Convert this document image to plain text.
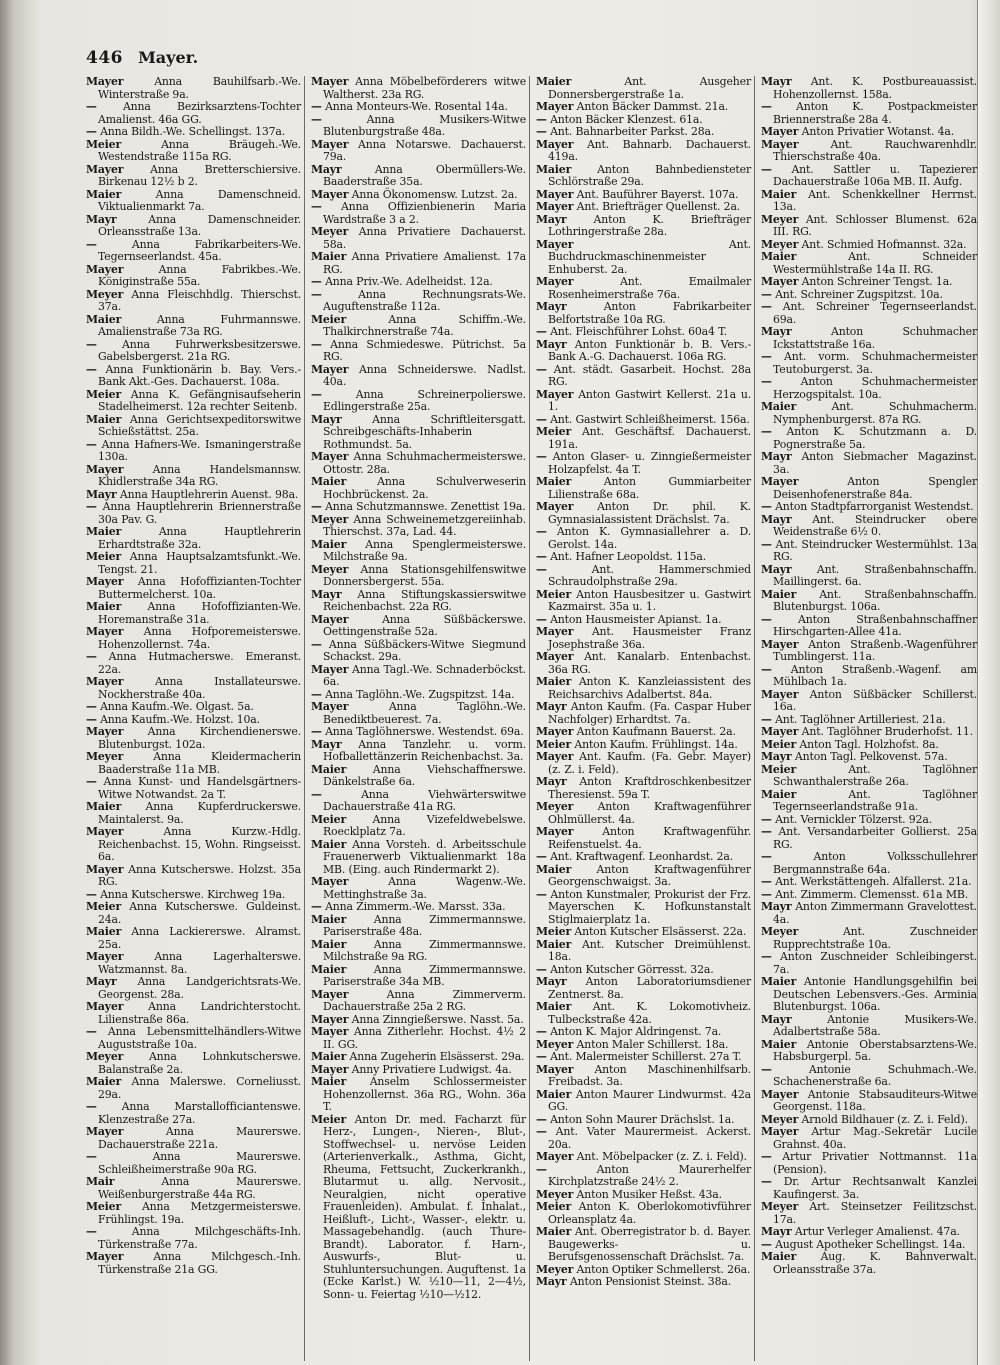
446 Mayer.

Mayer	Anna Bauhilfsarb.-We. Winterstraße 9a.

— Anna Bezirksarztens-Tochter Amalienst. 46a GG.

— Anna Bildh.-We. Schellingst. 137a.

Meier	Anna Bräugeh.-We. Westendstraße 115a RG.

Mayer Anna Bretterschiersive. Birkenau 12½ b 2.

Maier	Anna Damenschneid. Viktualienmarkt 7a.

Mayr	Anna Damenschneider. Orleansstraße 13a.

—	Anna Fabrikarbeiters-We. Tegernseerlandst. 45a.

Mayer	Anna Fabrikbes.-We. Königinstraße 55a.

Meyer Anna Fleischhdlg. Thierschst. 37a.

Maier	Anna Fuhrmannswe. Amalienstraße 73a RG.

— Anna Fuhrwerksbesitzerswe. Gabelsbergerst. 21a RG.

— Anna Funktionärin b. Bay. Vers.-Bank Akt.-Ges. Dachauerst. 108a.

Meier Anna K. Gefängnisaufseherin Stadelheimerst. 12a rechter Seitenb.

Maier Anna Gerichtsexpeditorswitwe Schießstättst. 25a.

— Anna Hafners-We. Ismaningerstraße 130a.

Mayer	Anna Handelsmannsw. Khidlerstraße 34a RG.

Mayr Anna Hauptlehrerin Auenst. 98a.

— Anna Hauptlehrerin Briennerstraße 30a Pav. G.

Maier	Anna Hauptlehrerin Erhardtstraße 32a.

Meier Anna Hauptsalzamtsfunkt.-We. Tengst. 21.

Mayer Anna Hofoffizianten-Tochter Buttermelcherst. 10a.

Maier Anna Hofoffizianten-We. Horemanstraße 31a.

Mayer Anna Hofporemeisterswe. Hohenzollernst. 74a.

— Anna Hutmacherswe. Emeranst. 22a.

Mayer	Anna Installateurswe. Nockherstraße 40a.

— Anna Kaufm.-We. Olgast. 5a.

— Anna Kaufm.-We. Holzst. 10a.

Mayer Anna Kirchendienerswe. Blutenburgst. 102a.

Meyer	Anna Kleidermacherin Baaderstraße 11a MB.

— Anna Kunst- und Handelsgärtners-Witwe Notwandst. 2a T.

Maier Anna Kupferdruckerswe. Maintalerst. 9a.

Mayer	Anna Kurzw.-Hdlg. Reichenbachst. 15, Wohn. Ringseisst. 6a.

Mayer Anna Kutscherswe. Holzst. 35a RG.

— Anna Kutscherswe. Kirchweg 19a.

Meier Anna Kutscherswe. Guldeinst. 24a.

Maier Anna Lackiererswe. Alramst. 25a.

Mayer	Anna Lagerhalterswe. Watzmannst. 8a.

Mayr Anna Landgerichtsrats-We. Georgenst. 28a.

Mayer Anna Landrichterstocht. Lilienstraße 86a.

— Anna Lebensmittelhändlers-Witwe Auguststraße 10a.

Meyer Anna Lohnkutscherswe. Balanstraße 2a.

Maier Anna Malerswe. Corneliusst. 29a.

— Anna Marstallofficiantenswe. Klenzestraße 27a.

Mayer	Anna Maurerswe. Dachauerstraße 221a.

—	Anna Maurerswe. Schleißheimerstraße 90a RG.

Mair	Anna Maurerswe. Weißenburgerstraße 44a RG.

Meier Anna Metzgermeisterswe. Frühlingst. 19a.

—	Anna Milchgeschäfts-Inh. Türkenstraße 77a.

Mayer	Anna Milchgesch.-Inh. Türkenstraße 21a GG.

Mayer Anna Möbelbeförderers witwe Waltherst. 23a RG.

— Anna Monteurs-We. Rosental 14a.

—	Anna Musikers-Witwe Blutenburgstraße 48a.

Mayer Anna Notarswe. Dachauerst. 79a.

Mayr	Anna Obermüllers-We. Baaderstraße 35a.

Mayer Anna Ökonomensw. Lutzst. 2a.

— Anna Offizienbienerin Maria Wardstraße 3 a 2.

Meyer Anna Privatiere Dachauerst. 58a.

Maier Anna Privatiere Amalienst. 17a RG.

— Anna Priv.-We. Adelheidst. 12a.

—	Anna Rechnungsrats-We. Auguftenstraße 112a.

Meier	Anna Schiffm.-We. Thalkirchnerstraße 74a.

— Anna Schmiedeswe. Pütrichst. 5a RG.

Mayer Anna Schneiderswe. Nadlst. 40a.

—	Anna Schreinerpolierswe. Edlingerstraße 25a.

Mayr	Anna Schriftleitersgatt. Schreibgeschäfts-Inhaberin Rothmundst. 5a.

Mayer Anna Schuhmachermeisterswe. Ottostr. 28a.

Maier	Anna Schulverweserin Hochbrückenst. 2a.

— Anna Schutzmannswe. Zenettist 19a.

Meyer Anna Schweinemetzgereiinhab. Thierschst. 37a, Lad. 44.

Maier Anna Spenglermeisterswe. Milchstraße 9a.

Meyer Anna Stationsgehilfenswitwe Donnersbergerst. 55a.

Mayr Anna Stiftungskassierswitwe Reichenbachst. 22a RG.

Mayer	Anna Süßbäckerswe. Oettingenstraße 52a.

— Anna Süßbäckers-Witwe Siegmund Schackst. 29a.

Mayer Anna Tagl.-We. Schnaderböckst. 6a.

— Anna Taglöhn.-We. Zugspitzst. 14a.

Mayer	Anna Taglöhn.-We. Benediktbeuerest. 7a.

— Anna Taglöhnerswe. Westendst. 69a.

Mayr Anna Tanzlehr. u. vorm. Hofballettänzerin Reichenbachst. 3a.

Maier Anna Viehschaffnerswe. Dänkelstraße 6a.

—	Anna Viehwärterswitwe Dachauerstraße 41a RG.

Meier Anna Vizefeldwebelswe. Roecklplatz 7a.

Maier Anna Vorsteh. d. Arbeitsschule Frauenerwerb Viktualienmarkt 18a MB. (Eing. auch Rindermarkt 2).

Mayer	Anna Wagenw.-We. Mettinghstraße 3a.

— Anna Zimmerm.-We. Marsst. 33a.

Maier	Anna Zimmermannswe. Pariserstraße 48a.

Maier	Anna Zimmermannswe. Milchstraße 9a RG.

Maier	Anna Zimmermannswe. Pariserstraße 34a MB.

Mayer	Anna Zimmerverm. Dachauerstraße 25a 2 RG.

Mayer Anna Zinngießerswe. Nasst. 5a.

Mayer Anna Zitherlehr. Hochst. 4½ 2 II. GG.

Maier Anna Zugeherin Elsässerst. 29a.

Mayer Anny Privatiere Ludwigst. 4a.

Maier Anselm Schlossermeister Hohenzollernst. 36a RG., Wohn. 36a T.

Meier Anton Dr. med. Facharzt für Herz-, Lungen-, Nieren-, Blut-, Stoffwechsel- u. nervöse Leiden (Arterienverkalk., Asthma, Gicht, Rheuma, Fettsucht, Zuckerkrankh., Blutarmut u. allg. Nervosit., Neuralgien, nicht operative Frauenleiden). Ambulat. f. Inhalat., Heißluft-, Licht-, Wasser-, elektr. u. Massagebehandlg. (auch Thure-Brandt). Laborator. f. Harn-, Auswurfs-, Blut- u. Stuhluntersuchungen. Auguftenst. 1a (Ecke Karlst.) W. ½10—11, 2—4½, Sonn- u. Feiertag ½10—½12.

Maier	Ant. Ausgeher Donnersbergerstraße 1a.

Mayer Anton Bäcker Dammst. 21a.

— Anton Bäcker Klenzest. 61a.

— Ant. Bahnarbeiter Parkst. 28a.

Mayer Ant. Bahnarb. Dachauerst. 419a.

Maier Anton Bahnbediensteter Schlörstraße 29a.

Mayer Ant. Bauführer Bayerst. 107a.

Mayer Ant. Briefträger Quellenst. 2a.

Mayr Anton K. Briefträger Lothringerstraße 28a.

Mayer	Ant. Buchdruckmaschinenmeister Enhuberst. 2a.

Mayer	Ant. Emailmaler Rosenheimerstraße 76a.

Mayr	Anton Fabrikarbeiter Belfortstraße 10a RG.

— Ant. Fleischführer Lohst. 60a4 T.

Mayr Anton Funktionär b. B. Vers.-Bank A.-G. Dachauerst. 106a RG.

— Ant. städt. Gasarbeit. Hochst. 28a RG.

Mayer Anton Gastwirt Kellerst. 21a u. 1.

— Ant. Gastwirt Schleißheimerst. 156a.

Meier Ant. Geschäftsf. Dachauerst. 191a.

— Anton Glaser- u. Zinngießermeister Holzapfelst. 4a T.

Maier	Anton Gummiarbeiter Lilienstraße 68a.

Mayer Anton Dr. phil. K. Gymnasialassistent Drächslst. 7a.

— Anton K. Gymnasiallehrer a. D. Gerolst. 14a.

— Ant. Hafner Leopoldst. 115a.

—	Ant. Hammerschmied Schraudolphstraße 29a.

Meier Anton Hausbesitzer u. Gastwirt Kazmairst. 35a u. 1.

— Anton Hausmeister Apianst. 1a.

Mayer Ant. Hausmeister Franz Josephstraße 36a.

Mayer Ant. Kanalarb. Entenbachst. 36a RG.

Maier Anton K. Kanzleiassistent des Reichsarchivs Adalbertst. 84a.

Mayr Anton Kaufm. (Fa. Caspar Huber Nachfolger) Erhardtst. 7a.

Mayer Anton Kaufmann Bauerst. 2a.

Meier Anton Kaufm. Frühlingst. 14a.

Mayer Ant. Kaufm. (Fa. Gebr. Mayer) (z. Z. i. Feld).

Mayr Anton Kraftdroschkenbesitzer Theresienst. 59a T.

Meyer Anton Kraftwagenführer Ohlmüllerst. 4a.

Mayer	Anton Kraftwagenführ. Reifenstuelst. 4a.

— Ant. Kraftwagenf. Leonhardst. 2a.

Maier Anton Kraftwagenführer Georgenschwaigst. 3a.

— Anton Kunstmaler, Prokurist der Frz. Mayerschen K. Hofkunstanstalt Stiglmaierplatz 1a.

Meier Anton Kutscher Elsässerst. 22a.

Maier Ant. Kutscher Dreimühlenst. 18a.

— Anton Kutscher Görresst. 32a.

Mayr Anton Laboratoriumsdiener Zentnerst. 8a.

Maier Ant. K. Lokomotivheiz. Tulbeckstraße 42a.

— Anton K. Major Aldringenst. 7a.

Meyer Anton Maler Schillerst. 18a.

— Ant. Malermeister Schillerst. 27a T.

Mayer Anton Maschinenhilfsarb. Freibadst. 3a.

Maier Anton Maurer Lindwurmst. 42a GG.

— Anton Sohn Maurer Drächslst. 1a.

— Ant. Vater Maurermeist. Ackerst. 20a.

Mayer Ant. Möbelpacker (z. Z. i. Feld).

—	Anton Maurerhelfer Kirchplatzstraße 24½ 2.

Meyer Anton Musiker Heßst. 43a.

Meier Anton K. Oberlokomotivführer Orleansplatz 4a.

Maier Ant. Oberregistrator b. d. Bayer. Baugewerks- u. Berufsgenossenschaft Drächslst. 7a.

Meyer Anton Optiker Schmellerst. 26a.

Mayr Anton Pensionist Steinst. 38a.

Mayr Ant. K. Postbureauassist. Hohenzollernst. 158a.

— Anton K. Postpackmeister Briennerstraße 28a 4.

Mayer Anton Privatier Wotanst. 4a.

Mayer	Ant. Rauchwarenhdlr. Thierschstraße 40a.

— Ant. Sattler u. Tapezierer Dachauerstraße 106a MB. II. Aufg.

Maier Ant. Schenkkellner Herrnst. 13a.

Meyer Ant. Schlosser Blumenst. 62a III. RG.

Meyer Ant. Schmied Hofmannst. 32a.

Maier	Ant. Schneider Westermühlstraße 14a II. RG.

Mayer Anton Schreiner Tengst. 1a.

— Ant. Schreiner Zugspitzst. 10a.

— Ant. Schreiner Tegernseerlandst. 69a.

Mayr	Anton Schuhmacher Ickstattstraße 16a.

— Ant. vorm. Schuhmachermeister Teutoburgerst. 3a.

—	Anton Schuhmachermeister Herzogspitalst. 10a.

Maier	Ant. Schuhmacherm. Nymphenburgerst. 87a RG.

— Anton K. Schutzmann a. D. Pognerstraße 5a.

Mayr Anton Siebmacher Magazinst. 3a.

Mayer	Anton Spengler Deisenhofenerstraße 84a.

— Anton Stadtpfarrorganist Westendst.

Mayr Ant. Steindrucker obere Weidenstraße 6½ 0.

— Ant. Steindrucker Westermühlst. 13a RG.

Mayr Ant. Straßenbahnschaffn. Maillingerst. 6a.

Maier Ant. Straßenbahnschaffn. Blutenburgst. 106a.

— Anton Straßenbahnschaffner Hirschgarten-Allee 41a.

Mayer Anton Straßenb.-Wagenführer Tumblingerst. 11a.

— Anton Straßenb.-Wagenf. am Mühlbach 1a.

Mayer Anton Süßbäcker Schillerst. 16a.

— Ant. Taglöhner Artilleriest. 21a.

Mayer Ant. Taglöhner Bruderhofst. 11.

Meier Anton Tagl. Holzhofst. 8a.

Mayr Anton Tagl. Pelkovenst. 57a.

Meier	Ant. Taglöhner Schwanthalerstraße 26a.

Maier	Ant. Taglöhner Tegernseerlandstraße 91a.

— Ant. Vernickler Tölzerst. 92a.

— Ant. Versandarbeiter Gollierst. 25a RG.

—	Anton Volksschullehrer Bergmannstraße 64a.

— Ant. Werkstättengeh. Alfallerst. 21a.

— Ant. Zimmerm. Clemensst. 61a MB.

Mayr Anton Zimmermann Gravelottest. 4a.

Meyer	Ant. Zuschneider Rupprechtstraße 10a.

— Anton Zuschneider Schleibingerst. 7a.

Maier Antonie Handlungsgehilfin bei Deutschen Lebensvers.-Ges. Arminia Blutenburgst. 106a.

Mayr	Antonie Musikers-We. Adalbertstraße 58a.

Maier Antonie Oberstabsarztens-We. Habsburgerpl. 5a.

—	Antonie Schuhmach.-We. Schachenerstraße 6a.

Mayer Antonie Stabsauditeurs-Witwe Georgenst. 118a.

Meyer Arnold Bildhauer (z. Z. i. Feld).

Mayer Artur Mag.-Sekretär Lucile Grahnst. 40a.

— Artur Privatier Nottmannst. 11a (Pension).

— Dr. Artur Rechtsanwalt Kanzlei Kaufingerst. 3a.

Meyer Art. Steinsetzer Feilitzschst. 17a.

Mayr Artur Verleger Amalienst. 47a.

— August Apotheker Schellingst. 14a.

Maier Aug. K. Bahnverwalt. Orleansstraße 37a.
